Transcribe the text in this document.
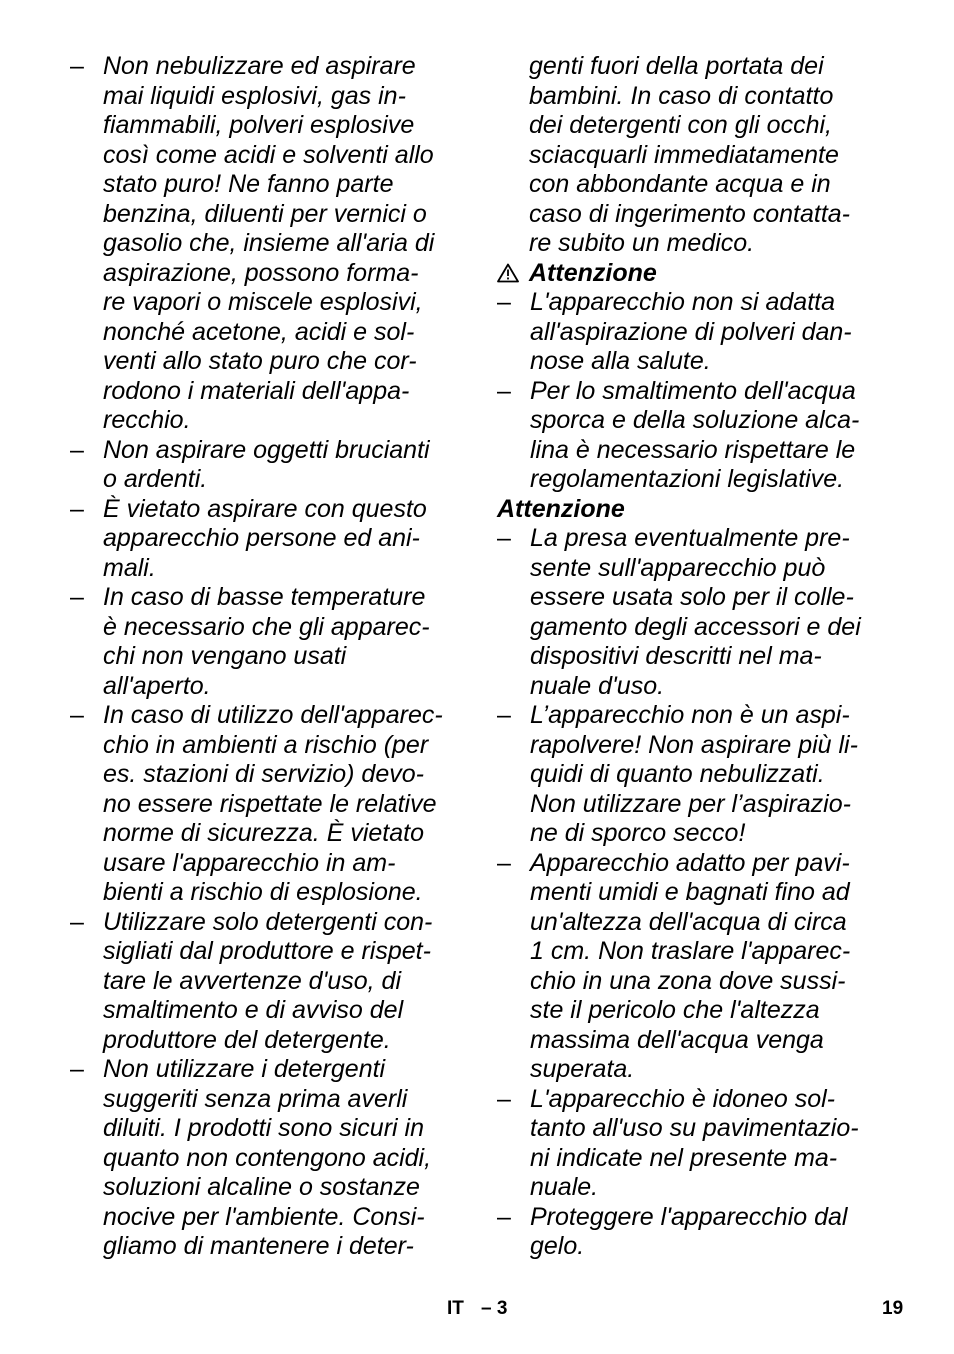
– Non nebulizzare ed aspirare
mai liquidi esplosivi, gas in-
fiammabili, polveri esplosive
così come acidi e solventi allo
stato puro! Ne fanno parte
benzina, diluenti per vernici o
gasolio che, insieme all'aria di
aspirazione, possono forma-
re vapori o miscele esplosivi,
nonché acetone, acidi e sol-
venti allo stato puro che cor-
rodono i materiali dell'appa-
recchio.
– Non aspirare oggetti brucianti
o ardenti.
– È vietato aspirare con questo
apparecchio persone ed ani-
mali.
– In caso di basse temperature
è necessario che gli apparec-
chi non vengano usati
all'aperto.
– In caso di utilizzo dell'apparec-
chio in ambienti a rischio (per
es. stazioni di servizio) devo-
no essere rispettate le relative
norme di sicurezza. È vietato
usare l'apparecchio in am-
bienti a rischio di esplosione.
– Utilizzare solo detergenti con-
sigliati dal produttore e rispet-
tare le avvertenze d'uso, di
smaltimento e di avviso del
produttore del detergente.
– Non utilizzare i detergenti
suggeriti senza prima averli
diluiti. I prodotti sono sicuri in
quanto non contengono acidi,
soluzioni alcaline o sostanze
nocive per l'ambiente. Consi-
gliamo di mantenere i deter-
genti fuori della portata dei
bambini. In caso di contatto
dei detergenti con gli occhi,
sciacquarli immediatamente
con abbondante acqua e in
caso di ingerimento contatta-
re subito un medico.
Attenzione
– L'apparecchio non si adatta
all'aspirazione di polveri dan-
nose alla salute.
– Per lo smaltimento dell'acqua
sporca e della soluzione alca-
lina è necessario rispettare le
regolamentazioni legislative.
Attenzione
– La presa eventualmente pre-
sente sull'apparecchio può
essere usata solo per il colle-
gamento degli accessori e dei
dispositivi descritti nel ma-
nuale d'uso.
– L’apparecchio non è un aspi-
rapolvere! Non aspirare più li-
quidi di quanto nebulizzati.
Non utilizzare per l’aspirazio-
ne di sporco secco!
– Apparecchio adatto per pavi-
menti umidi e bagnati fino ad
un'altezza dell'acqua di circa
1 cm. Non traslare l'apparec-
chio in una zona dove sussi-
ste il pericolo che l'altezza
massima dell'acqua venga
superata.
– L'apparecchio è idoneo sol-
tanto all'uso su pavimentazio-
ni indicate nel presente ma-
nuale.
– Proteggere l'apparecchio dal
gelo.
IT – 3	19
